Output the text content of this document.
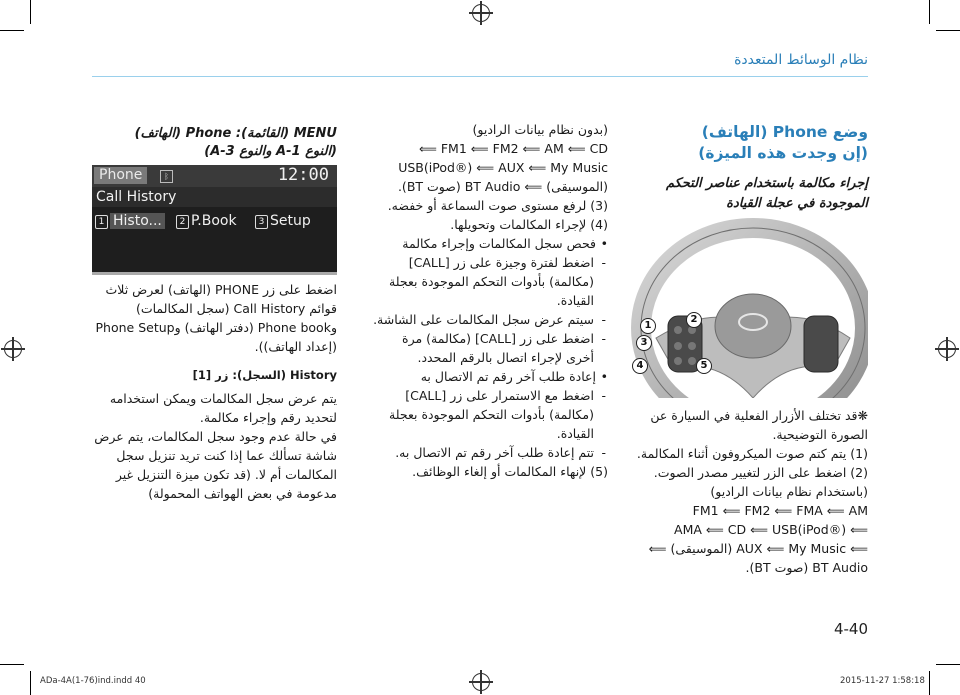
نظام الوسائط المتعددة
MENU (القائمة): Phone (الهاتف)
(النوع A-1 والنوع A-3)
Phone	ᛒ	12:00
Call History
1 Histo...	2 P.Book	3 Setup

اضغط على زر PHONE (الهاتف) لعرض ثلاث قوائم Call History (سجل المكالمات) وPhone book (دفتر الهاتف) وPhone Setup (إعداد الهاتف)).

History (السجل): زر [1]

يتم عرض سجل المكالمات ويمكن استخدامه لتحديد رقم وإجراء مكالمة.

في حالة عدم وجود سجل المكالمات، يتم عرض شاشة تسألك عما إذا كنت تريد تنزيل سجل المكالمات أم لا. (قد تكون ميزة التنزيل غير مدعومة في بعض الهواتف المحمولة)

(بدون نظام بيانات الراديو)

FM1 ⟸ FM2 ⟸ AM ⟸ CD ⟸

USB(iPod®) ⟸ AUX ⟸ My Music

(الموسيقى) ⟸ BT Audio (صوت BT).

(3) لرفع مستوى صوت السماعة أو خفضه.

(4) لإجراء المكالمات وتحويلها.

• فحص سجل المكالمات وإجراء مكالمة

- اضغط لفترة وجيزة على زر [CALL] (مكالمة) بأدوات التحكم الموجودة بعجلة القيادة.

- سيتم عرض سجل المكالمات على الشاشة.

- اضغط على زر [CALL] (مكالمة) مرة أخرى لإجراء اتصال بالرقم المحدد.

• إعادة طلب آخر رقم تم الاتصال به

- اضغط مع الاستمرار على زر [CALL] (مكالمة) بأدوات التحكم الموجودة بعجلة القيادة.

- تتم إعادة طلب آخر رقم تم الاتصال به.

(5) لإنهاء المكالمات أو إلغاء الوظائف.

وضع Phone (الهاتف)
(إن وجدت هذه الميزة)
إجراء مكالمة باستخدام عناصر التحكم
الموجودة في عجلة القيادة
1
2
3
4	5

❋قد تختلف الأزرار الفعلية في السيارة عن

الصورة التوضيحية.

(1) يتم كتم صوت الميكروفون أثناء المكالمة.

(2) اضغط على الزر لتغيير مصدر الصوت.

(باستخدام نظام بيانات الراديو)

FM1 ⟸ FM2 ⟸ FMA ⟸ AM

⟸ AMA ⟸ CD ⟸ USB(iPod®)

⟸ AUX ⟸ My Music (الموسيقى) ⟸

BT Audio (صوت BT).

4-40
ADa-4A(1-76)ind.indd 40	2015-11-27 1:58:18
